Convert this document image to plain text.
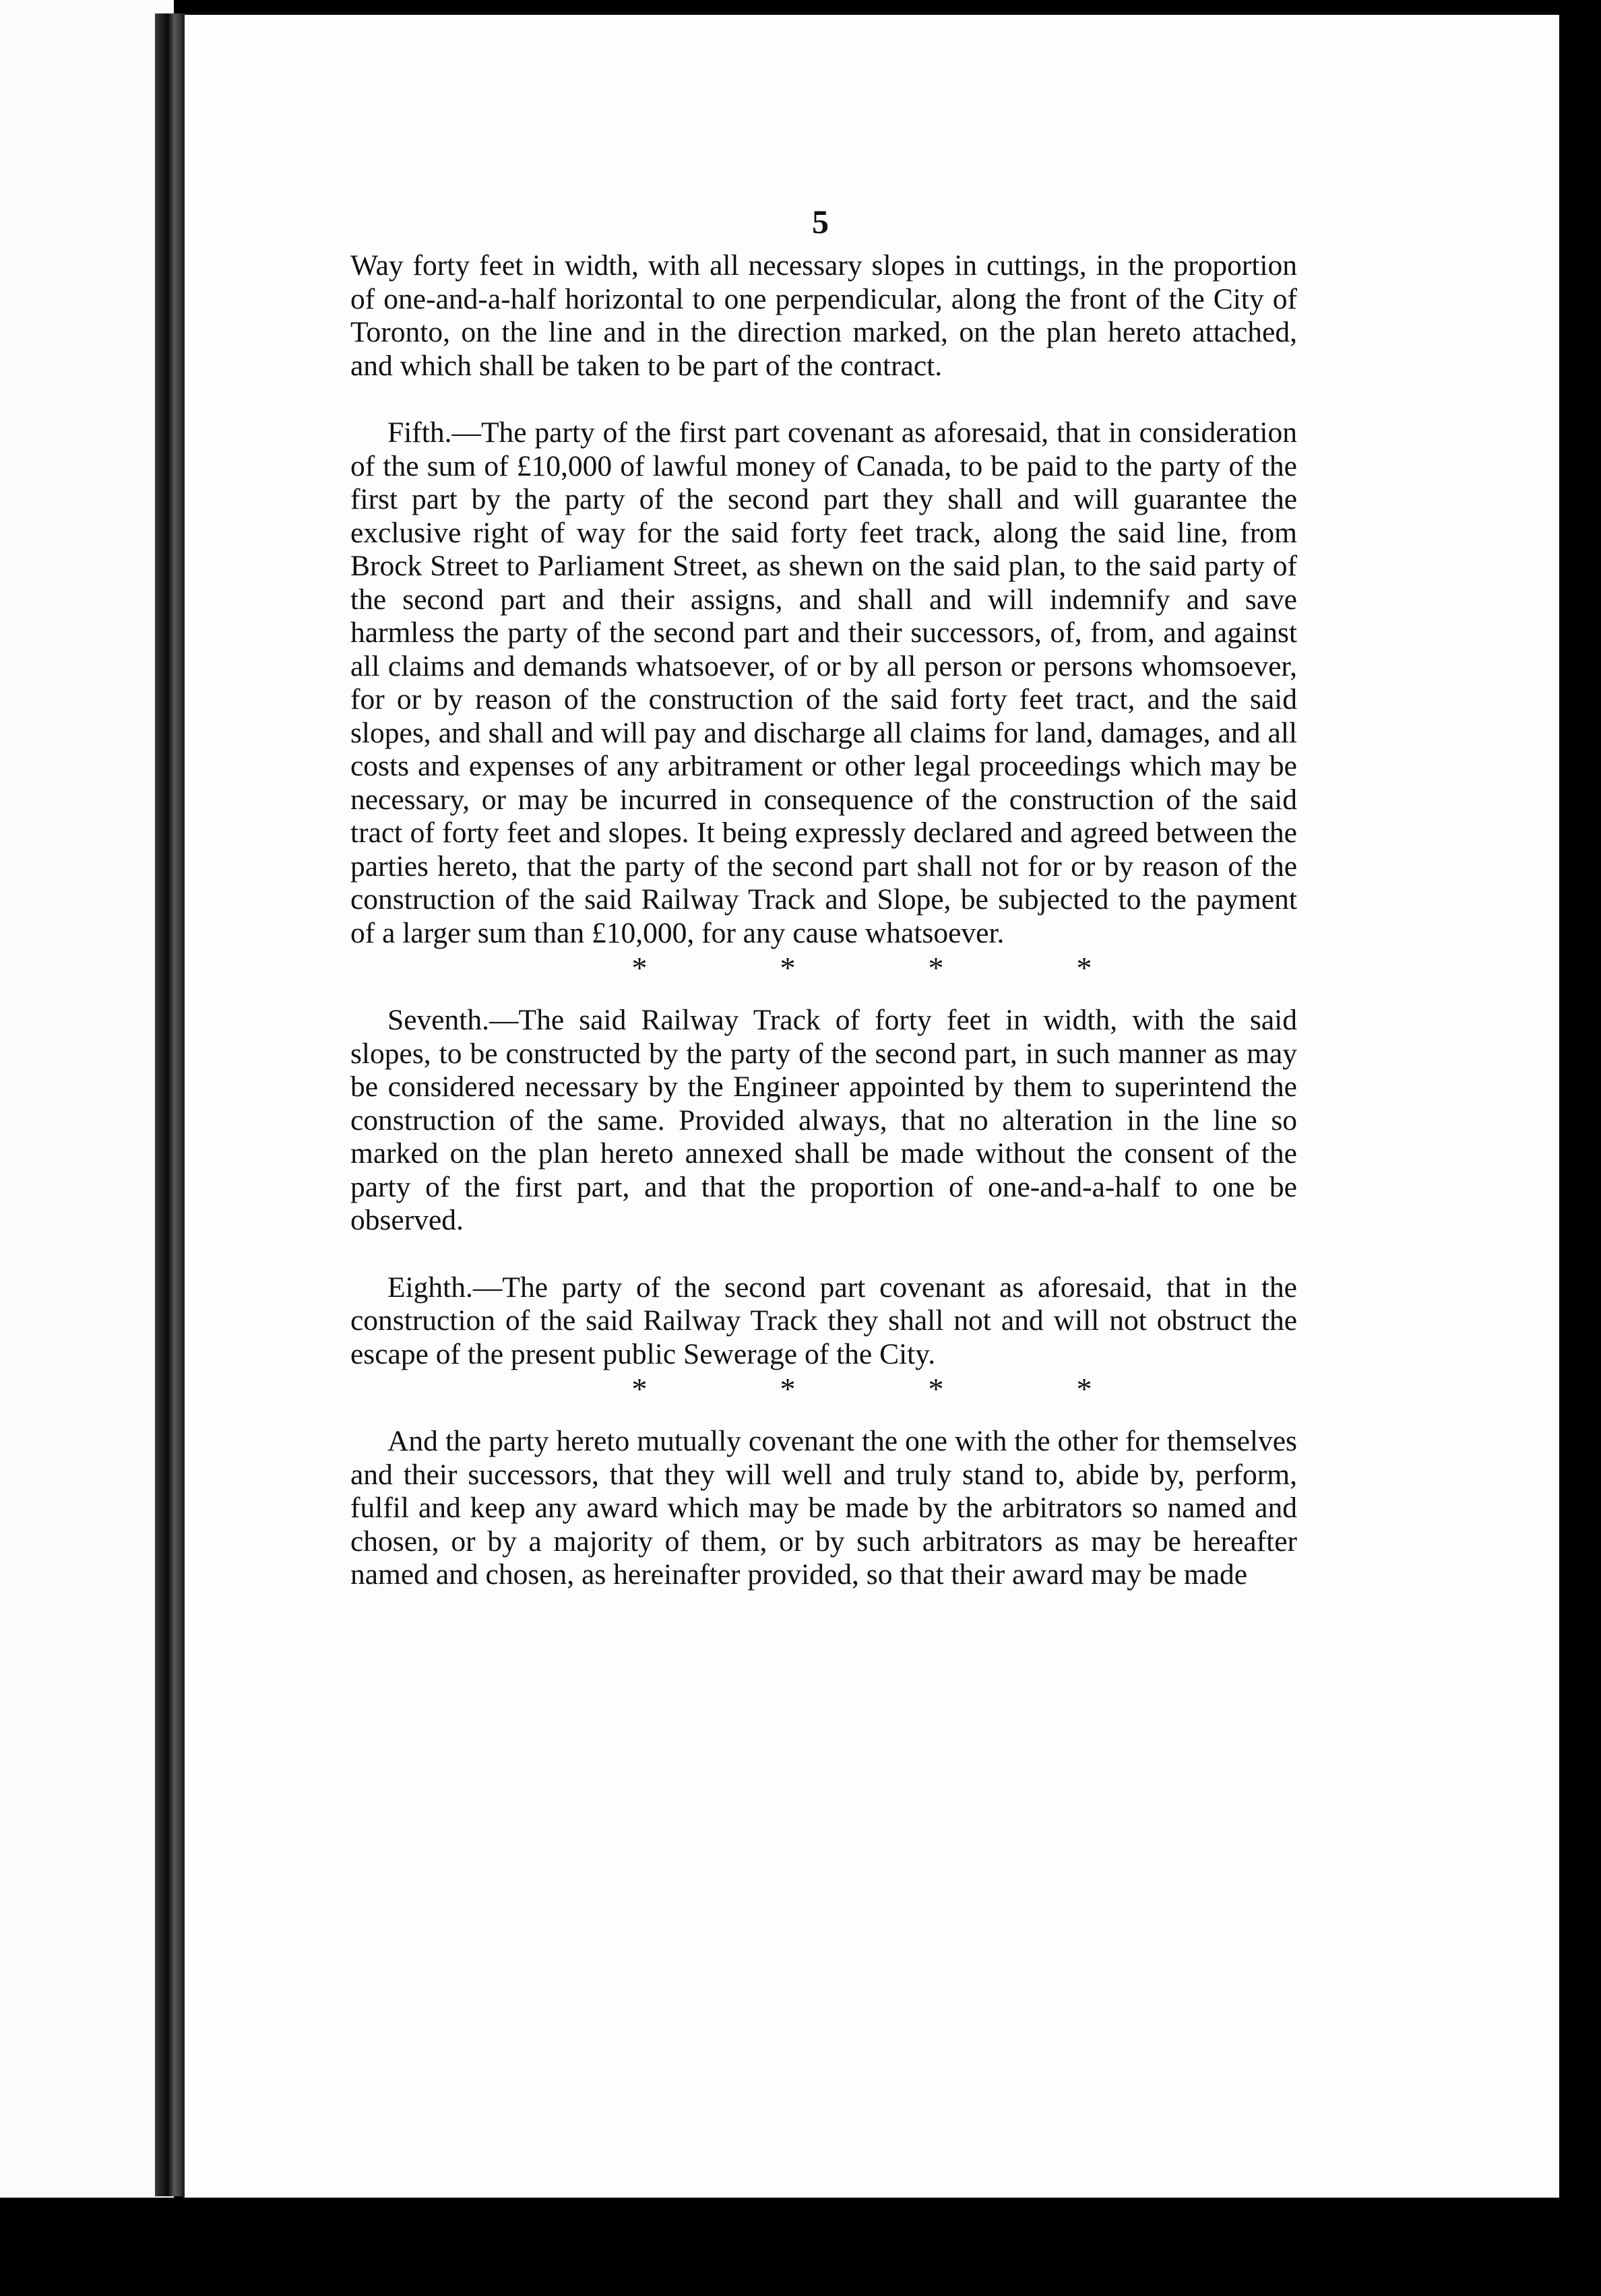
5

Way forty feet in width, with all necessary slopes in cuttings, in the proportion of one-and-a-half horizontal to one perpendicular, along the front of the City of Toronto, on the line and in the direction marked, on the plan hereto attached, and which shall be taken to be part of the contract.

Fifth.—The party of the first part covenant as aforesaid, that in consideration of the sum of £10,000 of lawful money of Canada, to be paid to the party of the first part by the party of the second part they shall and will guarantee the exclusive right of way for the said forty feet track, along the said line, from Brock Street to Parliament Street, as shewn on the said plan, to the said party of the second part and their assigns, and shall and will indemnify and save harmless the party of the second part and their successors, of, from, and against all claims and demands whatsoever, of or by all person or persons whomsoever, for or by reason of the construction of the said forty feet tract, and the said slopes, and shall and will pay and discharge all claims for land, damages, and all costs and expenses of any arbitrament or other legal proceedings which may be necessary, or may be incurred in consequence of the construction of the said tract of forty feet and slopes. It being expressly declared and agreed between the parties hereto, that the party of the second part shall not for or by reason of the construction of the said Railway Track and Slope, be subjected to the payment of a larger sum than £10,000, for any cause whatsoever.

*	*	*	*

Seventh.—The said Railway Track of forty feet in width, with the said slopes, to be constructed by the party of the second part, in such manner as may be considered necessary by the Engineer appointed by them to superintend the construction of the same. Provided always, that no alteration in the line so marked on the plan hereto annexed shall be made without the consent of the party of the first part, and that the proportion of one-and-a-half to one be observed.

Eighth.—The party of the second part covenant as aforesaid, that in the construction of the said Railway Track they shall not and will not obstruct the escape of the present public Sewerage of the City.

*	*	*	*

And the party hereto mutually covenant the one with the other for themselves and their successors, that they will well and truly stand to, abide by, perform, fulfil and keep any award which may be made by the arbitrators so named and chosen, or by a majority of them, or by such arbitrators as may be hereafter named and chosen, as hereinafter provided, so that their award may be made
